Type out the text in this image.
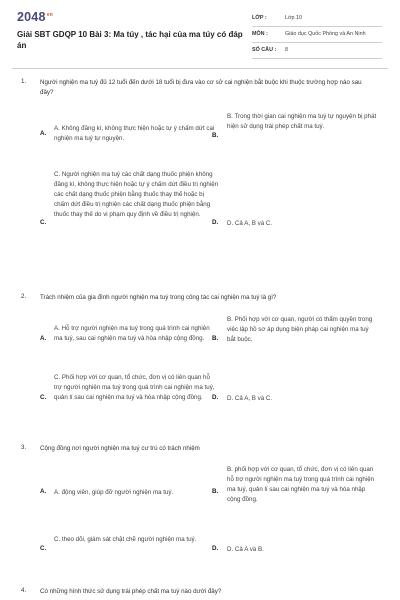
$2048^{vn}$
Giải SBT GDQP 10 Bài 3: Ma túy , tác hại của ma túy có đáp án
LỚP :	Lớp 10
MÔN :	Giáo dục Quốc Phòng và An Ninh
SỐ CÂU : 8
1. Người nghiện ma tuý đủ 12 tuổi đến dưới 18 tuổi bị đưa vào cơ sở cai nghiện bắt buộc khi thuộc trường hợp nào sau đây?
A.
A. Không đăng kí, không thực hiện hoặc tự ý chấm dứt cai nghiện ma tuý tự nguyện.	B.
B. Trong thời gian cai nghiện ma tuý tự nguyện bị phát hiện sử dụng trái phép chất ma tuý.
C.
C. Người nghiện ma tuý các chất dạng thuốc phiện không đăng kí, không thực hiện hoặc tự ý chấm dứt điều trị nghiện các chất dạng thuốc phiện bằng thuốc thay thế hoặc bị chấm dứt điều trị nghiện các chất dạng thuốc phiện bằng thuốc thay thế do vi phạm quy định về điều trị nghiện.
D. D. Cả A, B và C.
2. Trách nhiệm của gia đình người nghiện ma tuý trong công tác cai nghiện ma tuý là gì?
A.
A. Hỗ trợ người nghiện ma tuý trong quá trình cai nghiện ma tuý, sau cai nghiện ma tuý và hòa nhập cộng đồng.	B.
B. Phối hợp với cơ quan, người có thẩm quyền trong việc lập hồ sơ áp dụng biện pháp cai nghiện ma tuý bắt buộc.
C.
C. Phối hợp với cơ quan, tổ chức, đơn vị có liên quan hỗ trợ người nghiện ma tuý trong quá trình cai nghiện ma tuý, quản lí sau cai nghiện ma tuý và hòa nhập cộng đồng.	D. D. Cả A, B và C.
3. Cộng đồng nơi người nghiện ma tuý cư trú có trách nhiệm
A. A. động viên, giúp đỡ người nghiện ma tuý.	B.
B. phối hợp với cơ quan, tổ chức, đơn vị có liên quan hỗ trợ người nghiện ma tuý trong quá trình cai nghiện ma tuý, quản lí sau cai nghiện ma tuý và hòa nhập cộng đồng.
C.
C. theo dõi, giám sát chặt chẽ người nghiện ma tuý.
D. D. Cả A và B.
4. Có những hình thức sử dụng trái phép chất ma tuý nào dưới đây?
